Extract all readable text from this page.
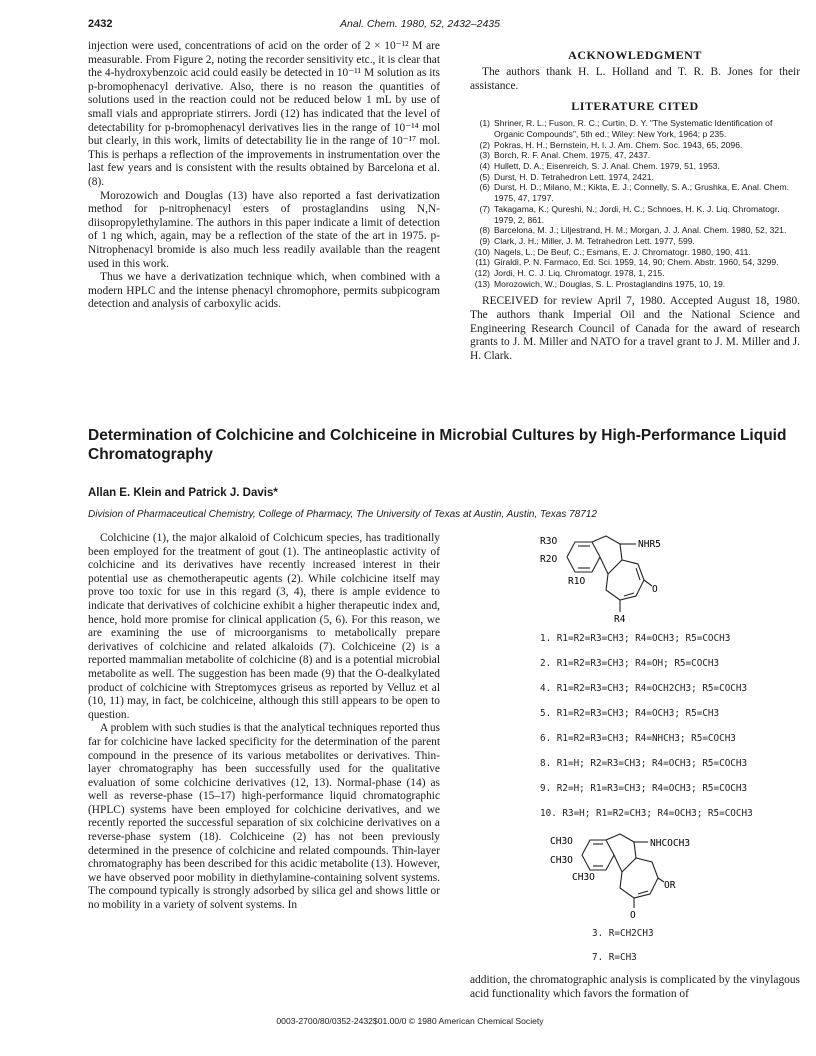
2432	Anal. Chem. 1980, 52, 2432–2435

injection were used, concentrations of acid on the order of 2 × 10⁻¹² M are measurable. From Figure 2, noting the recorder sensitivity etc., it is clear that the 4-hydroxybenzoic acid could easily be detected in 10⁻¹¹ M solution as its p-bromophenacyl derivative. Also, there is no reason the quantities of solutions used in the reaction could not be reduced below 1 mL by use of small vials and appropriate stirrers. Jordi (12) has indicated that the level of detectability for p-bromophenacyl derivatives lies in the range of 10⁻¹⁴ mol but clearly, in this work, limits of detectability lie in the range of 10⁻¹⁷ mol. This is perhaps a reflection of the improvements in instrumentation over the last few years and is consistent with the results obtained by Barcelona et al. (8).

Morozowich and Douglas (13) have also reported a fast derivatization method for p-nitrophenacyl esters of prostaglandins using N,N-diisopropylethylamine. The authors in this paper indicate a limit of detection of 1 ng which, again, may be a reflection of the state of the art in 1975. p-Nitrophenacyl bromide is also much less readily available than the reagent used in this work.

Thus we have a derivatization technique which, when combined with a modern HPLC and the intense phenacyl chromophore, permits subpicogram detection and analysis of carboxylic acids.

ACKNOWLEDGMENT
The authors thank H. L. Holland and T. R. B. Jones for their assistance.
LITERATURE CITED
(1) Shriner, R. L.; Fuson, R. C.; Curtin, D. Y. "The Systematic Identification of Organic Compounds", 5th ed.; Wiley: New York, 1964; p 235.
(2) Pokras, H. H.; Bernstein, H. I. J. Am. Chem. Soc. 1943, 65, 2096.
(3) Borch, R. F. Anal. Chem. 1975, 47, 2437.
(4) Hullett, D. A.; Eisenreich, S. J. Anal. Chem. 1979, 51, 1953.
(5) Durst, H. D. Tetrahedron Lett. 1974, 2421.
(6) Durst, H. D.; Milano, M.; Kikta, E. J.; Connelly, S. A.; Grushka, E. Anal. Chem. 1975, 47, 1797.
(7) Takagama, K.; Qureshi, N.; Jordi, H. C.; Schnoes, H. K. J. Liq. Chromatogr. 1979, 2, 861.
(8) Barcelona, M. J.; Liljestrand, H. M.; Morgan, J. J. Anal. Chem. 1980, 52, 321.
(9) Clark, J. H.; Miller, J. M. Tetrahedron Lett. 1977, 599.
(10) Nagels, L.; De Beuf, C.; Esmans, E. J. Chromatogr. 1980, 190, 411.
(11) Giraldi, P. N. Farmaco, Ed. Sci. 1959, 14, 90; Chem. Abstr. 1960, 54, 3299.
(12) Jordi, H. C. J. Liq. Chromatogr. 1978, 1, 215.
(13) Morozowich, W.; Douglas, S. L. Prostaglandins 1975, 10, 19.
RECEIVED for review April 7, 1980. Accepted August 18, 1980. The authors thank Imperial Oil and the National Science and Engineering Research Council of Canada for the award of research grants to J. M. Miller and NATO for a travel grant to J. M. Miller and J. H. Clark.
Determination of Colchicine and Colchiceine in Microbial Cultures by High-Performance Liquid Chromatography
Allan E. Klein and Patrick J. Davis*
Division of Pharmaceutical Chemistry, College of Pharmacy, The University of Texas at Austin, Austin, Texas 78712

Colchicine (1), the major alkaloid of Colchicum species, has traditionally been employed for the treatment of gout (1). The antineoplastic activity of colchicine and its derivatives have recently increased interest in their potential use as chemotherapeutic agents (2). While colchicine itself may prove too toxic for use in this regard (3, 4), there is ample evidence to indicate that derivatives of colchicine exhibit a higher therapeutic index and, hence, hold more promise for clinical application (5, 6). For this reason, we are examining the use of microorganisms to metabolically prepare derivatives of colchicine and related alkaloids (7). Colchiceine (2) is a reported mammalian metabolite of colchicine (8) and is a potential microbial metabolite as well. The suggestion has been made (9) that the O-dealkylated product of colchicine with Streptomyces griseus as reported by Velluz et al (10, 11) may, in fact, be colchiceine, although this still appears to be open to question.

A problem with such studies is that the analytical techniques reported thus far for colchicine have lacked specificity for the determination of the parent compound in the presence of its various metabolites or derivatives. Thin-layer chromatography has been successfully used for the qualitative evaluation of some colchicine derivatives (12, 13). Normal-phase (14) as well as reverse-phase (15–17) high-performance liquid chromatographic (HPLC) systems have been employed for colchicine derivatives, and we recently reported the successful separation of six colchicine derivatives on a reverse-phase system (18). Colchiceine (2) has not been previously determined in the presence of colchicine and related compounds. Thin-layer chromatography has been described for this acidic metabolite (13). However, we have observed poor mobility in diethylamine-containing solvent systems. The compound typically is strongly adsorbed by silica gel and shows little or no mobility in a variety of solvent systems. In

R3O
R2O
R1O
NHR5
O
R4
1. R1=R2=R3=CH3; R4=OCH3; R5=COCH3
2. R1=R2=R3=CH3; R4=OH; R5=COCH3
4. R1=R2=R3=CH3; R4=OCH2CH3; R5=COCH3
5. R1=R2=R3=CH3; R4=OCH3; R5=CH3
6. R1=R2=R3=CH3; R4=NHCH3; R5=COCH3
8. R1=H; R2=R3=CH3; R4=OCH3; R5=COCH3
9. R2=H; R1=R3=CH3; R4=OCH3; R5=COCH3
10. R3=H; R1=R2=CH3; R4=OCH3; R5=COCH3
CH3O
CH3O
CH3O
NHCOCH3
OR
O
3. R=CH2CH3
7. R=CH3
addition, the chromatographic analysis is complicated by the vinylagous acid functionality which favors the formation of
0003-2700/80/0352-2432$01.00/0 © 1980 American Chemical Society
